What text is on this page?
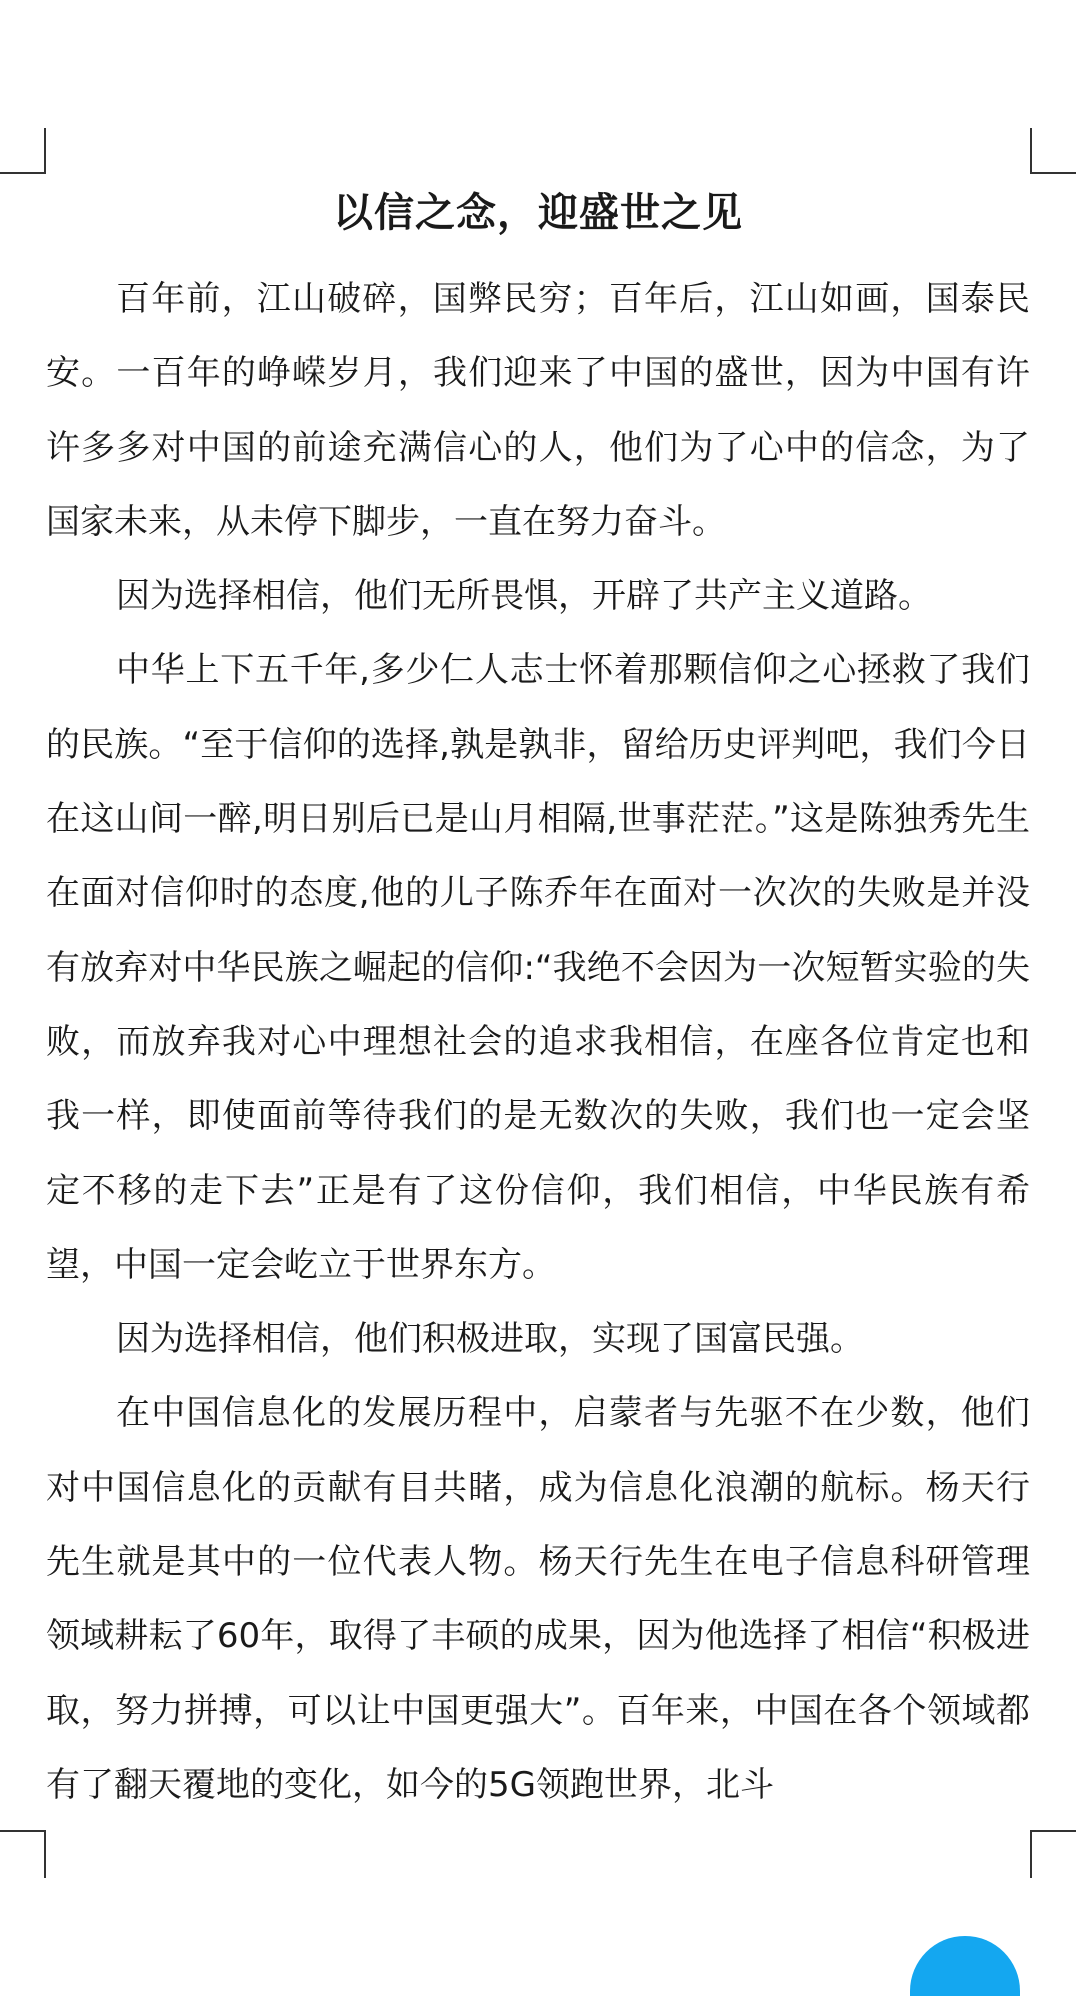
以信之念，迎盛世之见

百年前，江山破碎，国弊民穷；百年后，江山如画，国泰民安。一百年的峥嵘岁月，我们迎来了中国的盛世，因为中国有许许多多对中国的前途充满信心的人，他们为了心中的信念，为了国家未来，从未停下脚步，一直在努力奋斗。

因为选择相信，他们无所畏惧，开辟了共产主义道路。

中华上下五千年,多少仁人志士怀着那颗信仰之心拯救了我们的民族。“至于信仰的选择,孰是孰非，留给历史评判吧，我们今日在这山间一醉,明日别后已是山月相隔,世事茫茫。”这是陈独秀先生在面对信仰时的态度,他的儿子陈乔年在面对一次次的失败是并没有放弃对中华民族之崛起的信仰:“我绝不会因为一次短暂实验的失败，而放弃我对心中理想社会的追求我相信，在座各位肯定也和我一样，即使面前等待我们的是无数次的失败，我们也一定会坚定不移的走下去”正是有了这份信仰，我们相信，中华民族有希望，中国一定会屹立于世界东方。

因为选择相信，他们积极进取，实现了国富民强。

在中国信息化的发展历程中，启蒙者与先驱不在少数，他们对中国信息化的贡献有目共睹，成为信息化浪潮的航标。杨天行先生就是其中的一位代表人物。杨天行先生在电子信息科研管理领域耕耘了60年，取得了丰硕的成果，因为他选择了相信“积极进取，努力拼搏，可以让中国更强大”。百年来，中国在各个领域都有了翻天覆地的变化，如今的5G领跑世界，北斗
